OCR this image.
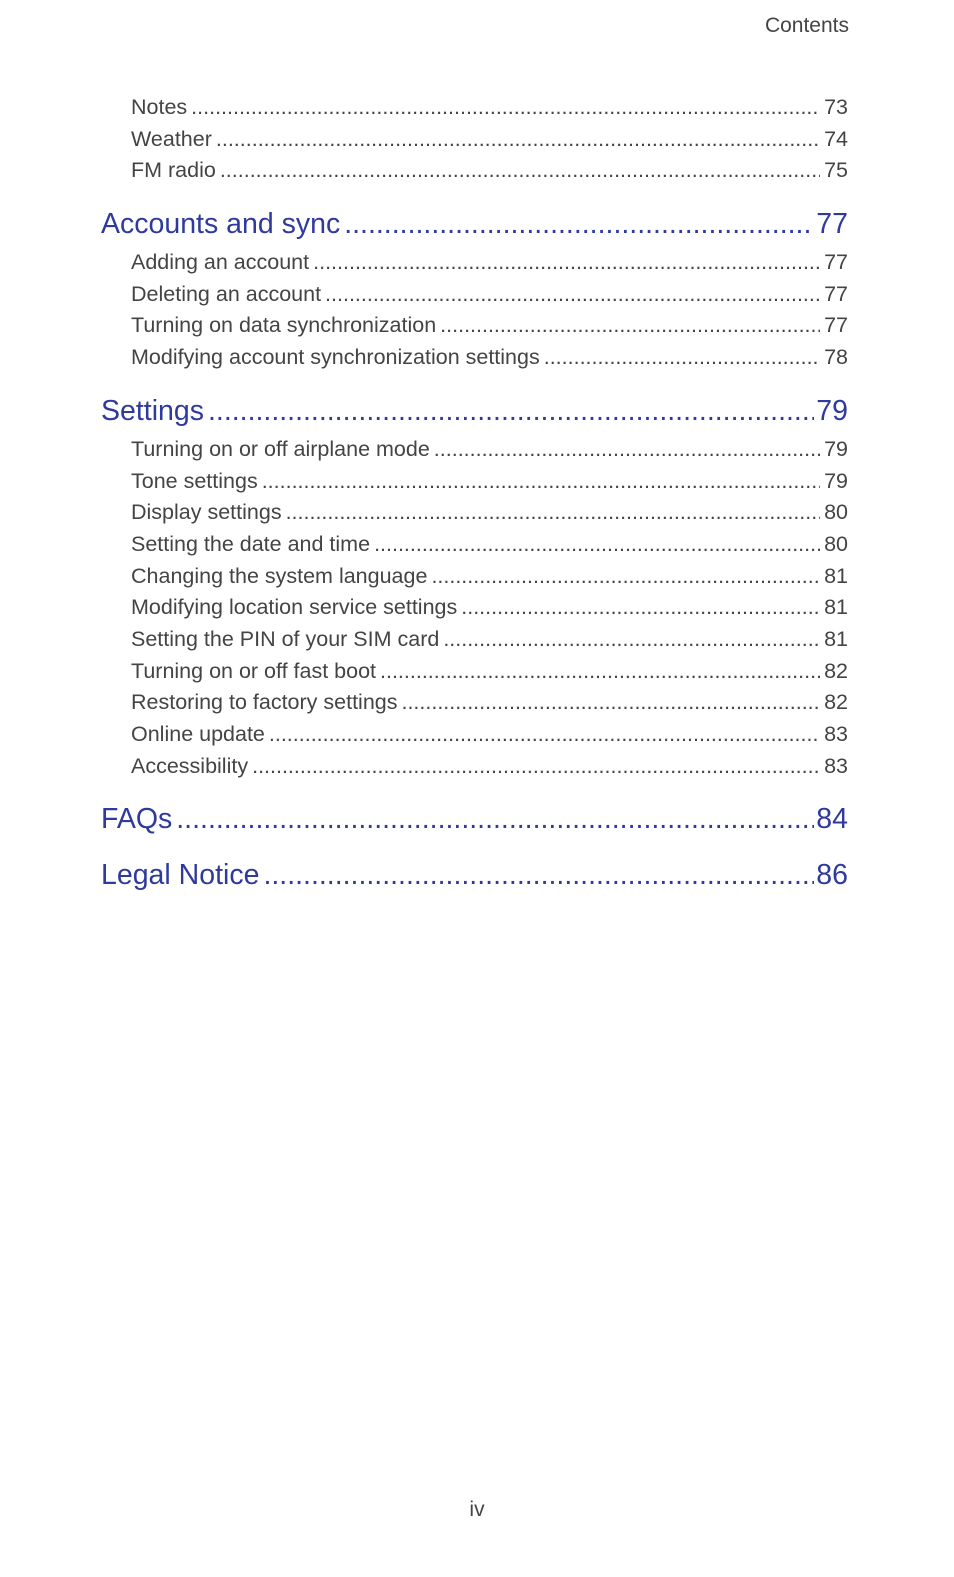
Contents
Notes .....	73
Weather .....	74
FM radio .....	75
Accounts and sync .....	77
Adding an account .....	77
Deleting an account .....	77
Turning on data synchronization .....	77
Modifying account synchronization settings .....	78
Settings .....	79
Turning on or off airplane mode .....	79
Tone settings .....	79
Display settings .....	80
Setting the date and time .....	80
Changing the system language .....	81
Modifying location service settings .....	81
Setting the PIN of your SIM card .....	81
Turning on or off fast boot .....	82
Restoring to factory settings .....	82
Online update .....	83
Accessibility .....	83
FAQs .....	84
Legal Notice .....	86
iv
